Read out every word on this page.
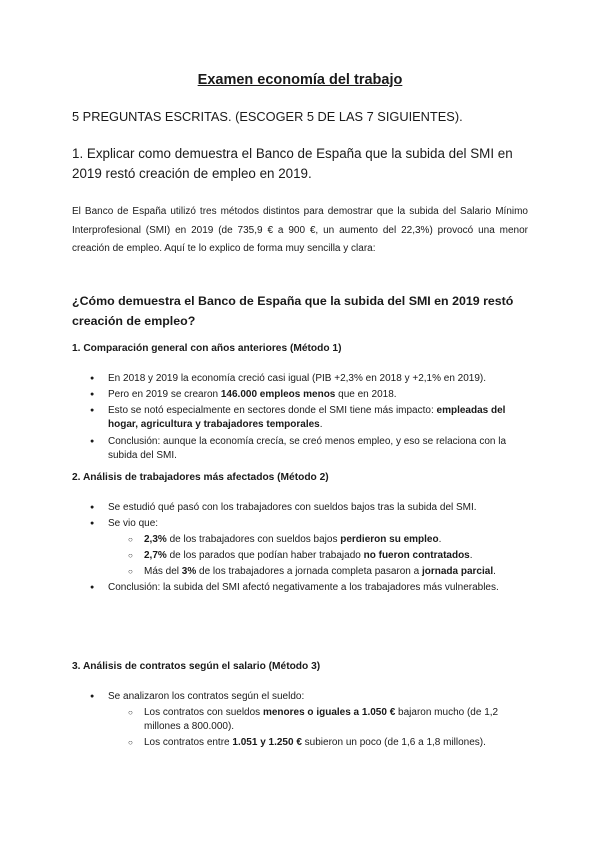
Examen economía del trabajo
5 PREGUNTAS ESCRITAS. (ESCOGER 5 DE LAS 7 SIGUIENTES).
1. Explicar como demuestra el Banco de España que la subida del SMI en 2019 restó creación de empleo en 2019.
El Banco de España utilizó tres métodos distintos para demostrar que la subida del Salario Mínimo Interprofesional (SMI) en 2019 (de 735,9 € a 900 €, un aumento del 22,3%) provocó una menor creación de empleo. Aquí te lo explico de forma muy sencilla y clara:
¿Cómo demuestra el Banco de España que la subida del SMI en 2019 restó creación de empleo?
1. Comparación general con años anteriores (Método 1)
● En 2018 y 2019 la economía creció casi igual (PIB +2,3% en 2018 y +2,1% en 2019).
● Pero en 2019 se crearon 146.000 empleos menos que en 2018.
● Esto se notó especialmente en sectores donde el SMI tiene más impacto: empleadas del hogar, agricultura y trabajadores temporales.
● Conclusión: aunque la economía crecía, se creó menos empleo, y eso se relaciona con la subida del SMI.
2. Análisis de trabajadores más afectados (Método 2)
● Se estudió qué pasó con los trabajadores con sueldos bajos tras la subida del SMI.
● Se vio que:
○ 2,3% de los trabajadores con sueldos bajos perdieron su empleo.
○ 2,7% de los parados que podían haber trabajado no fueron contratados.
○ Más del 3% de los trabajadores a jornada completa pasaron a jornada parcial.
● Conclusión: la subida del SMI afectó negativamente a los trabajadores más vulnerables.
3. Análisis de contratos según el salario (Método 3)
● Se analizaron los contratos según el sueldo:
○ Los contratos con sueldos menores o iguales a 1.050 € bajaron mucho (de 1,2 millones a 800.000).
○ Los contratos entre 1.051 y 1.250 € subieron un poco (de 1,6 a 1,8 millones).
